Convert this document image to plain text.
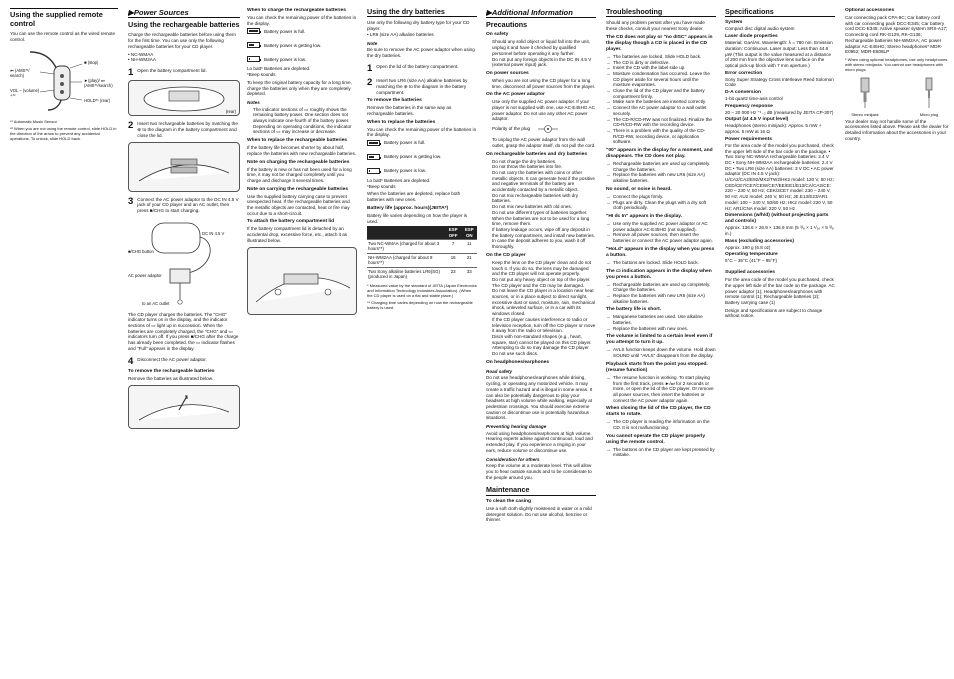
Using the supplied remote control

You can use the remote control as the wired remote control.

■ (stop)
⏮ (AMS*¹/ search)
►(play)/ ⏭ (AMS*¹/search)
VOL – (volume) +*²
HOLD*¹ (rear)

*¹ Automatic Music Sensor

*² When you are not using the remote control, slide HOLD in the direction of the arrow to prevent any accidental operations. To unlock, slide HOLD back.

▶Power Sources

Using the rechargeable batteries

Charge the rechargeable batteries before using them for the first time. You can use only the following rechargeable batteries for your CD player.

• NC-WMAA

• NH-WM2AA

1 Open the battery compartment lid.
(rear)
2 Insert two rechargeable batteries by matching the ⊕ to the diagram in the battery compartment and close the lid.
3 Connect the AC power adaptor to the DC IN 4.5 V jack of your CD player and an AC outlet, then press ■/CHG to start charging.
DC IN 4.5 V
■/CHG button
AC power adaptor
to an AC outlet

The CD player charges the batteries. The "CHG" indicator turns on in the display, and the indicator sections of ▭ light up in succession. When the batteries are completely charged, the "CHG" and ▭ indicators turn off. If you press ■/CHG after the charge has already been completed, the ▭ indicator flashes and "Full" appears in the display.

4 Disconnect the AC power adaptor.
To remove the rechargeable batteries

Remove the batteries as illustrated below.

When to charge the rechargeable batteries

You can check the remaining power of the batteries in the display.

Battery power is full.
Battery power is getting low.
Battery power is low.

Lo batt* Batteries are depleted.

*Beep sounds

To keep the original battery capacity for a long time, charge the batteries only when they are completely depleted.

Notes
• The indicator sections of ▭ roughly shows the remaining battery power. One section does not always indicate one-fourth of the battery power.
• Depending on operating conditions, the indicator sections of ▭ may increase or decrease.
When to replace the rechargeable batteries

If the battery life becomes shorter by about half, replace the batteries with new rechargeable batteries.

Note on charging the rechargeable batteries

If the battery is new or has not been used for a long time, it may not be charged completely until you charge and discharge it several times.

Note on carrying the rechargeable batteries

Use the supplied battery carrying case to prevent unexpected heat. If the rechargeable batteries and the metallic objects are contacted, heat or fire may occur due to a short-circuit.

To attach the battery compartment lid

If the battery compartment lid is detached by an accidental drop, excessive force, etc., attach it as illustrated below.

Using the dry batteries

Use only the following dry battery type for your CD player.

• LR6 (size AA) alkaline batteries

Note

Be sure to remove the AC power adaptor when using the dry batteries.

1 Open the lid of the battery compartment.
2 Insert two LR6 (size AA) alkaline batteries by matching the ⊕ to the diagram in the battery compartment.
To remove the batteries

Remove the batteries in the same way as rechargeable batteries.

When to replace the batteries

You can check the remaining power of the batteries in the display.

Battery power is full.
Battery power is getting low.
Battery power is low.

Lo batt* Batteries are depleted.

*Beep sounds

When the batteries are depleted, replace both batteries with new ones.

Battery life (approx. hours)(JEITA*)

Battery life varies depending on how the player is used.

	ESP OFF	ESP ON
Two NC-WMAA (charged for about 3 hours**)	7	11
NH-WM2AA (charged for about 8 hours**)	16	21
Two Sony alkaline batteries LR6(SG) (produced in Japan)	23	33

* Measured value by the standard of JEITA (Japan Electronics and Information Technology Industries Association). (When the CD player is used on a flat and stable place.)

** Charging time varies depending on how the rechargeable battery is used.

▶Additional Information

Precautions
On safety
• Should any solid object or liquid fall into the unit, unplug it and have it checked by qualified personnel before operating it any further.
• Do not put any foreign objects in the DC IN 4.5 V (external power input) jack.
On power sources
• When you are not using the CD player for a long time, disconnect all power sources from the player.
On the AC power adaptor
• Use only the supplied AC power adaptor. If your player is not supplied with one, use AC-E45HG AC power adaptor. Do not use any other AC power adaptor.
Polarity of the plug
• To unplug the AC power adaptor from the wall outlet, grasp the adaptor itself, do not pull the cord.
On rechargeable batteries and dry batteries
• Do not charge the dry batteries.
• Do not throw the batteries into fire.
• Do not carry the batteries with coins or other metallic objects. It can generate heat if the positive and negative terminals of the battery are accidentally contacted by a metallic object.
• Do not mix rechargeable batteries with dry batteries.
• Do not mix new batteries with old ones.
• Do not use different types of batteries together.
• When the batteries are not to be used for a long time, remove them.
• If battery leakage occurs, wipe off any deposit in the battery compartment, and install new batteries. In case the deposit adheres to you, wash it off thoroughly.
On the CD player
• Keep the lens on the CD player clean and do not touch it. If you do so, the lens may be damaged and the CD player will not operate properly.
• Do not put any heavy object on top of the player. The CD player and the CD may be damaged.
• Do not leave the CD player in a location near heat sources, or in a place subject to direct sunlight, excessive dust or sand, moisture, rain, mechanical shock, unleveled surface, or in a car with its windows closed.
• If the CD player causes interference to radio or television reception, turn off the CD player or move it away from the radio or television.
• Discs with non-standard shapes (e.g., heart, square, star) cannot be played on this CD player. Attempting to do so may damage the CD player. Do not use such discs.
On headphones/earphones
Road safety

Do not use headphones/earphones while driving, cycling, or operating any motorized vehicle. It may create a traffic hazard and is illegal in some areas. It can also be potentially dangerous to play your headsets at high volume while walking, especially at pedestrian crossings. You should exercise extreme caution or discontinue use in potentially hazardous situations.

Preventing hearing damage

Avoid using headphones/earphones at high volume. Hearing experts advise against continuous, loud and extended play. If you experience a ringing in your ears, reduce volume or discontinue use.

Consideration for others

Keep the volume at a moderate level. This will allow you to hear outside sounds and to be considerate to the people around you.

Maintenance
To clean the casing

Use a soft cloth slightly moistened in water or a mild detergent solution. Do not use alcohol, benzine or thinner.

Troubleshooting

Should any problem persist after you have made these checks, consult your nearest Sony dealer.

The CD does not play or "no dISC" appears in the display though a CD is placed in the CD player.
→ The batteries are locked. Slide HOLD back.
→ The CD is dirty or defective.
→ Insert the CD with the label side up.
→ Moisture condensation has occurred. Leave the CD player aside for several hours until the moisture evaporates.
→ Close the lid of the CD player and the battery compartment firmly.
→ Make sure the batteries are inserted correctly.
→ Connect the AC power adaptor to a wall outlet securely.
→ The CD-R/CD-RW was not finalized. Finalize the CD-R/CD-RW with the recording device.
→ There is a problem with the quality of the CD-R/CD-RW, recording device, or application software.
"00" appears in the display for a moment, and disappears. The CD does not play.
→ Rechargeable batteries are used up completely. Charge the batteries.
→ Replace the batteries with new LR6 (size AA) alkaline batteries.
No sound, or noise is heard.
→ Connect the plugs firmly.
→ Plugs are dirty. Clean the plugs with a dry soft cloth periodically.
"HI dc In" appears in the display.
→ Use only the supplied AC power adaptor or AC power adaptor AC-E45HG (not supplied).
→ Remove all power sources, then insert the batteries or connect the AC power adaptor again.
"HoLd" appears in the display when you press a button.
→ The buttons are locked. Slide HOLD back.
The ▭ indication appears in the display when you press a button.
→ Rechargeable batteries are used up completely. Charge the batteries.
→ Replace the batteries with new LR6 (size AA) alkaline batteries.
The battery life is short.
→ Manganese batteries are used. Use alkaline batteries.
→ Replace the batteries with new ones.
The volume is limited to a certain level even if you attempt to turn it up.
→ AVLS function keeps down the volume. Hold down SOUND until "AVLS" disappears from the display.
Playback starts from the point you stopped. (resume function)
→ The resume function is working. To start playing from the first track, press ►/⏭ for 2 seconds or more, or open the lid of the CD player. Or remove all power sources, then insert the batteries or connect the AC power adaptor again.
When closing the lid of the CD player, the CD starts to rotate.
→ The CD player is reading the information on the CD. It is not malfunctioning.
You cannot operate the CD player properly using the remote control.
→ The buttons on the CD player are kept pressed by mistake.
Specifications
System

Compact disc digital audio system

Laser diode properties

Material: GaAlAs. Wavelength: λ = 780 nm. Emission duration: Continuous. Laser output: Less than 44.6 μW (This output is the value measured at a distance of 200 mm from the objective lens surface on the optical pick-up block with 7 mm aperture.)

Error correction

Sony Super Strategy Cross Interleave Reed Solomon Code

D-A conversion

1-bit quartz time-axis control

Frequency response

20 – 20 000 Hz ⁺¹₋₂ dB (measured by JEITA CP-307)

Output (at 4.5 V input level)

Headphones (stereo minijack): Approx. 5 mW + approx. 5 mW at 16 Ω

Power requirements

For the area code of the model you purchased, check the upper left side of the bar code on the package. • Two Sony NC-WMAA rechargeable batteries: 2.4 V DC • Sony NH-WM2AA rechargeable batteries: 2.4 V DC • Two LR6 (size AA) batteries: 3 V DC • AC power adaptor (DC IN 4.5 V jack): U/CA2/CA2/E92/MX2/TW2/HK2 model: 120 V, 60 Hz; CED/CE7/CE7/CEW/CE7/EE/EE1/E13/CA/CA2/CE: 220 – 230 V, 50 Hz; CEK/3CE7 model: 230 – 240 V, 50 Hz; AU2 model: 240 V, 50 Hz; JE.E13/E23/AR1 model: 100 – 240 V, 50/60 Hz; HK2 model: 220 V, 50 Hz; AR1/CNA model: 220 V, 50 Hz

Dimensions (w/h/d) (without projecting parts and controls)

Approx. 136.6 × 26.9 × 136.9 mm (5 ³/₈ × 1 ¹/₁₆ × 5 ³/₈ in.)

Mass (excluding accessories)

Approx. 190 g (6.8 oz)

Operating temperature

5°C – 35°C (41°F – 95°F)

Supplied accessories

For the area code of the model you purchased, check the upper left side of the bar code on the package. AC power adaptor (1); Headphones/earphones with remote control (1); Rechargeable batteries (2); Battery carrying case (1)

Design and specifications are subject to change without notice.

Optional accessories

Car connecting pack CPA-9C; Car battery cord with car connecting pack DCC-E345; Car battery cord DCC-E345; Active speaker system SRS-A17; Connecting cord RK-G129, RK-G136; Rechargeable batteries NH-WM2AA; AC power adaptor AC-E45HG; Stereo headphones* MDR-E0952; MDR-E808LP

* When using optional headphones, use only headphones with stereo minijacks. You cannot use headphones with micro plugs.

Stereo minijack	Micro plug

Your dealer may not handle some of the accessories listed above. Please ask the dealer for detailed information about the accessories in your country.
